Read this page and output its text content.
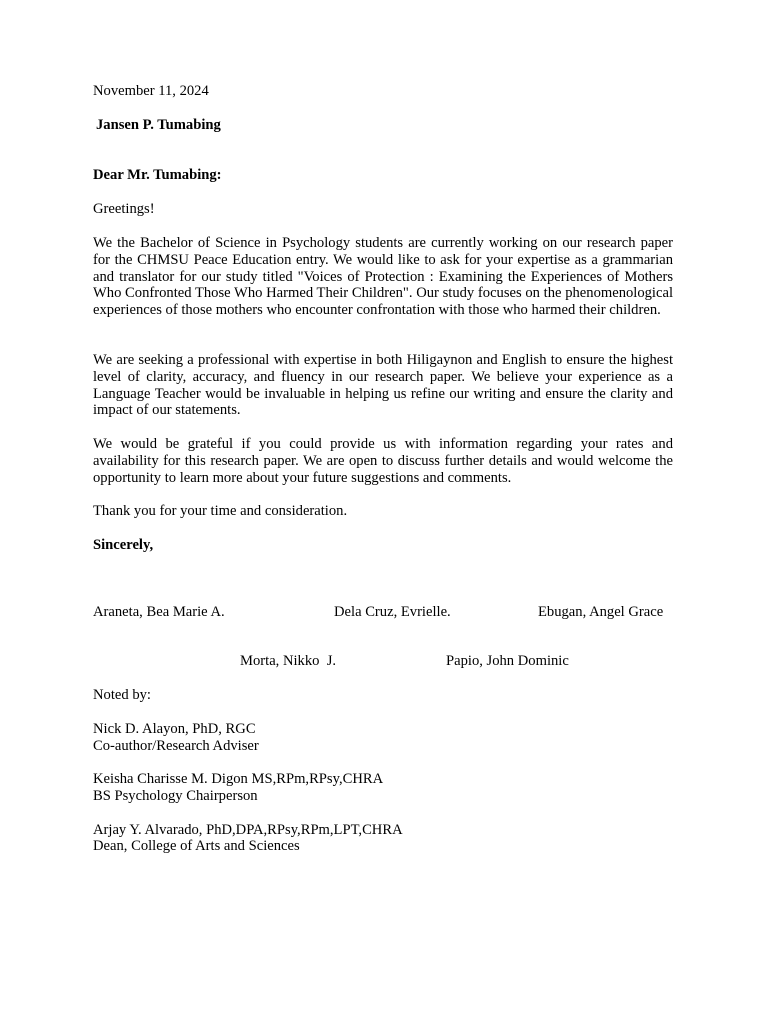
November 11, 2024

Jansen P. Tumabing

Dear Mr. Tumabing:

Greetings!

We the Bachelor of Science in Psychology students are currently working on our research paper for the CHMSU Peace Education entry. We would like to ask for your expertise as a grammarian and translator for our study titled "Voices of Protection : Examining the Experiences of Mothers Who Confronted Those Who Harmed Their Children". Our study focuses on the phenomenological experiences of those mothers who encounter confrontation with those who harmed their children.

We are seeking a professional with expertise in both Hiligaynon and English to ensure the highest level of clarity, accuracy, and fluency in our research paper. We believe your experience as a Language Teacher would be invaluable in helping us refine our writing and ensure the clarity and impact of our statements.

We would be grateful if you could provide us with information regarding your rates and availability for this research paper. We are open to discuss further details and would welcome the opportunity to learn more about your future suggestions and comments.

Thank you for your time and consideration.

Sincerely,

Araneta, Bea Marie A.	Dela Cruz, Evrielle.	Ebugan, Angel Grace

Morta, Nikko  J.	Papio, John Dominic

Noted by:

Nick D. Alayon, PhD, RGC

Co-author/Research Adviser

Keisha Charisse M. Digon MS,RPm,RPsy,CHRA

BS Psychology Chairperson

Arjay Y. Alvarado, PhD,DPA,RPsy,RPm,LPT,CHRA

Dean, College of Arts and Sciences
